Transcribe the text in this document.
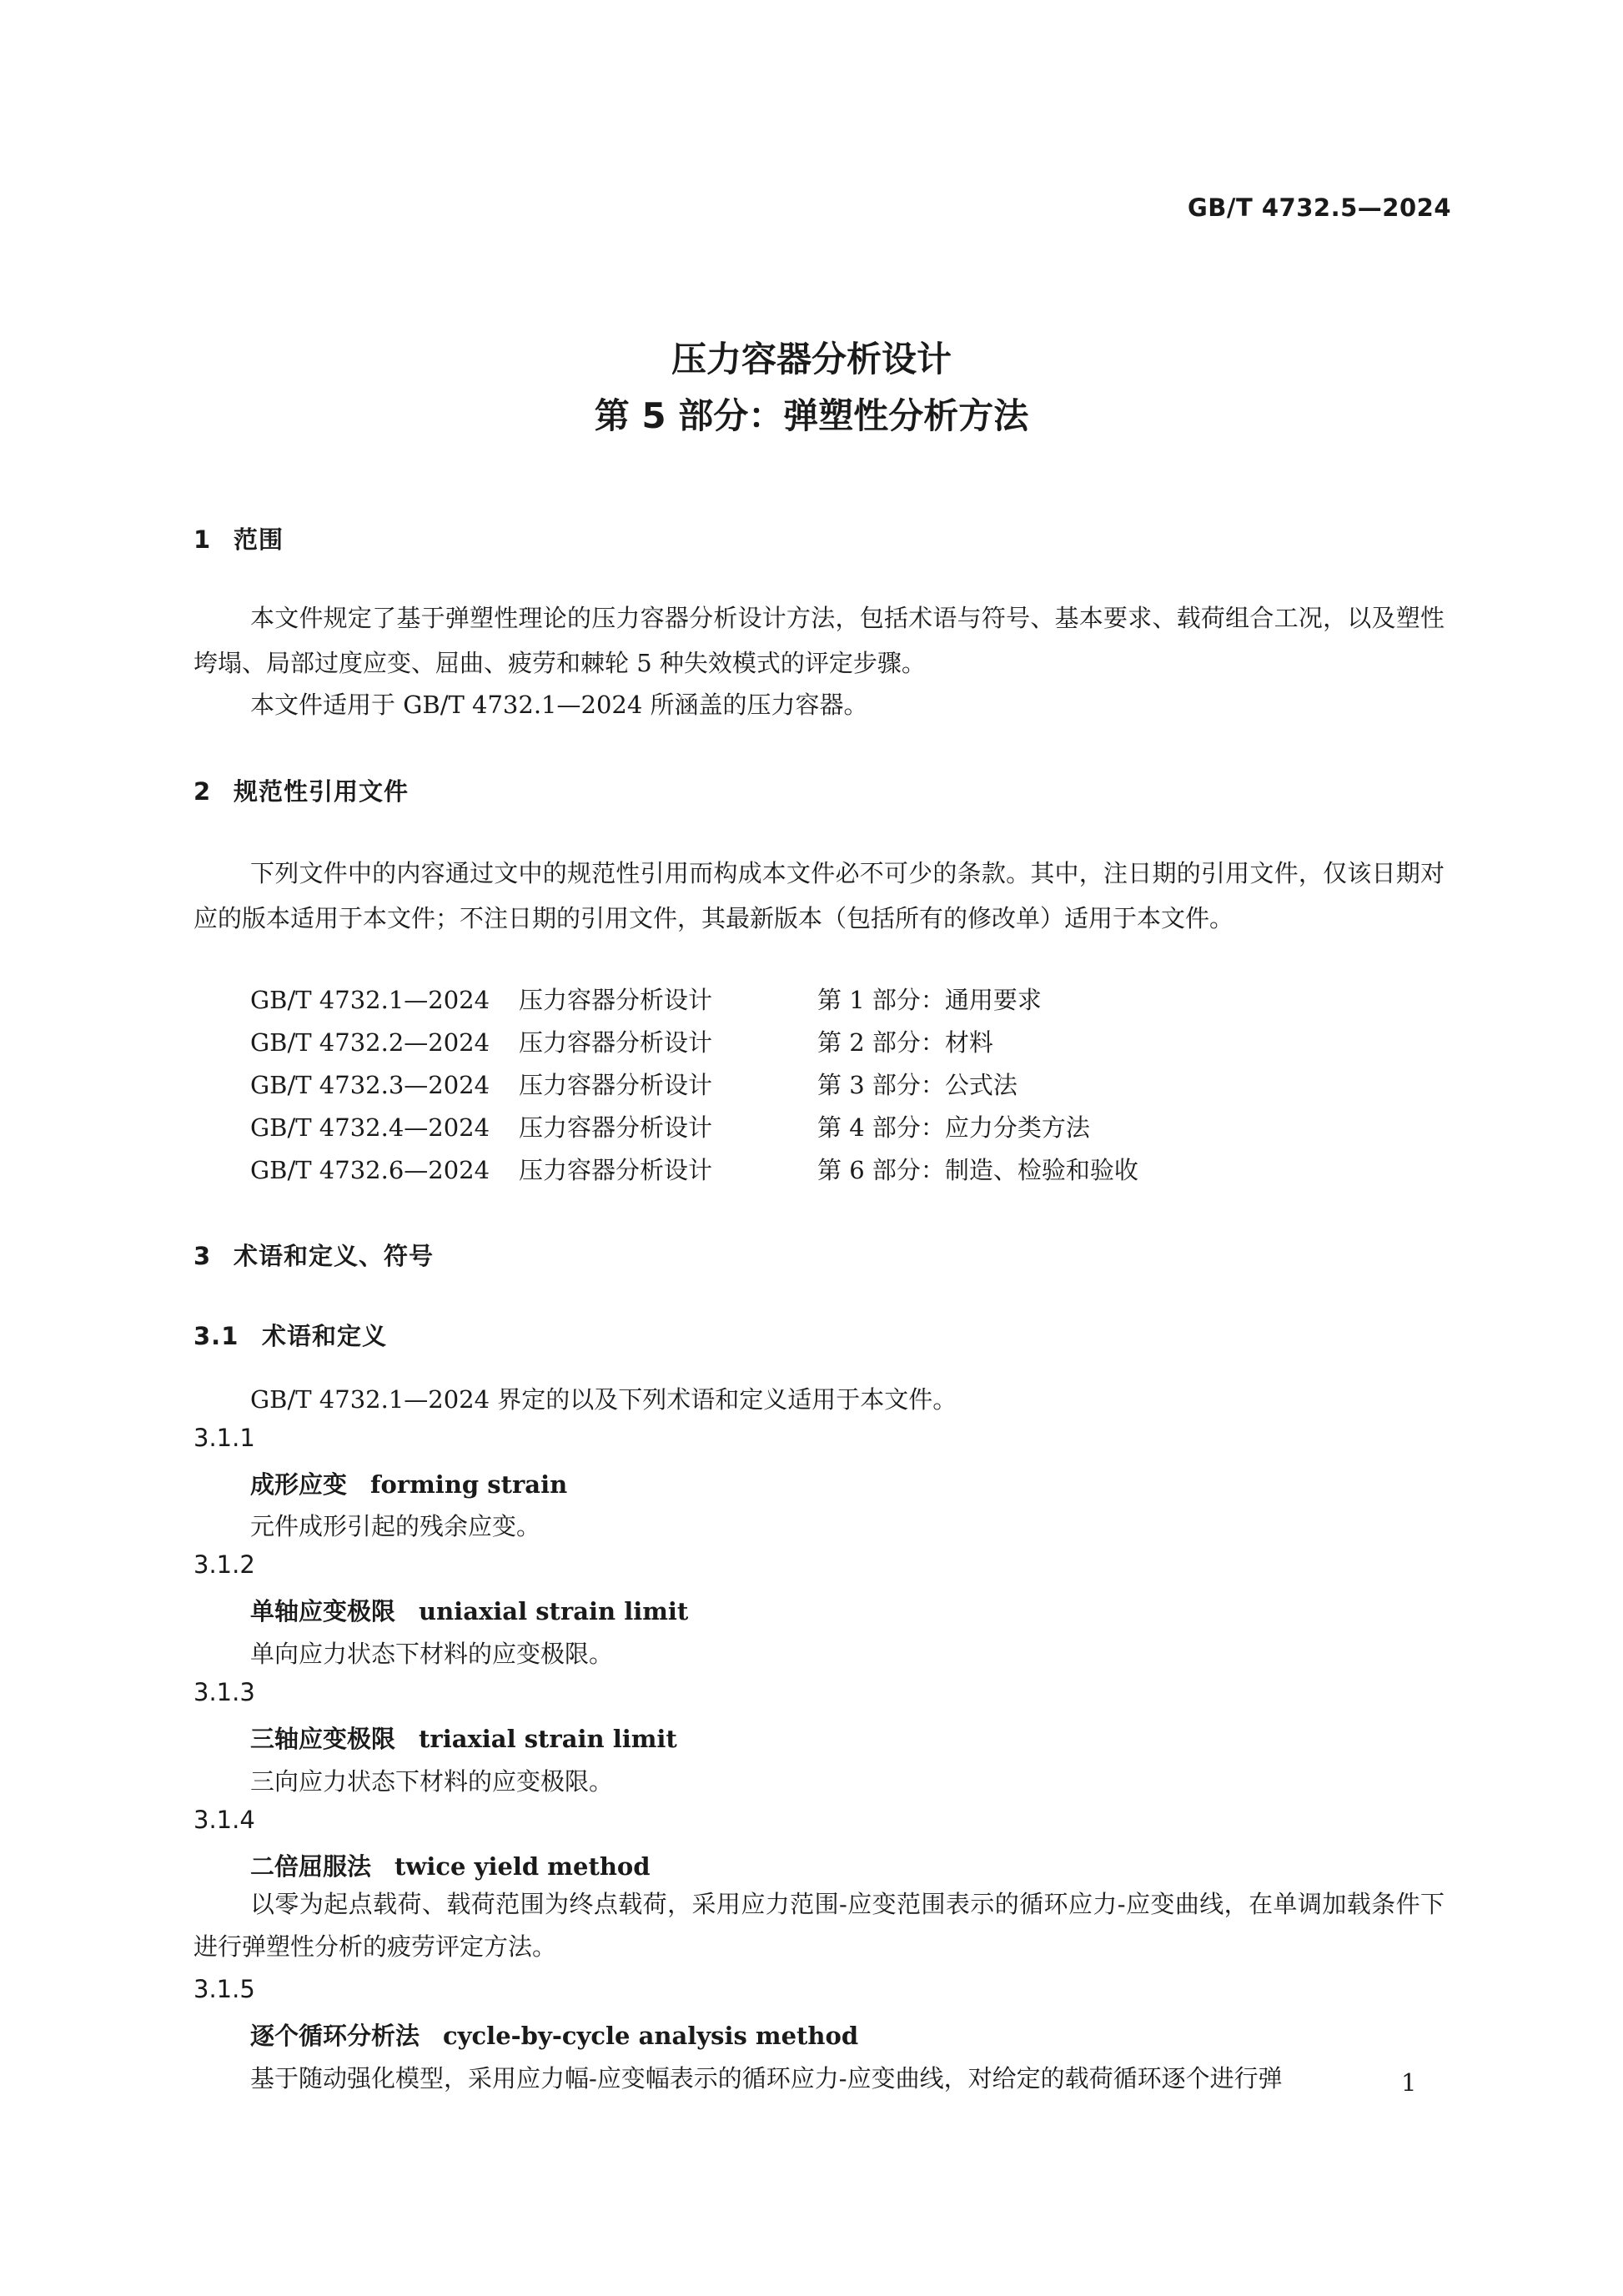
GB/T 4732.5—2024
压力容器分析设计
第 5 部分：弹塑性分析方法
1 范围
本文件规定了基于弹塑性理论的压力容器分析设计方法，包括术语与符号、基本要求、载荷组合工况，以及塑性垮塌、局部过度应变、屈曲、疲劳和棘轮 5 种失效模式的评定步骤。
本文件适用于 GB/T 4732.1—2024 所涵盖的压力容器。
2 规范性引用文件
下列文件中的内容通过文中的规范性引用而构成本文件必不可少的条款。其中，注日期的引用文件，仅该日期对应的版本适用于本文件；不注日期的引用文件，其最新版本（包括所有的修改单）适用于本文件。
GB/T 4732.1—2024 压力容器分析设计	第 1 部分：通用要求
GB/T 4732.2—2024 压力容器分析设计	第 2 部分：材料
GB/T 4732.3—2024 压力容器分析设计	第 3 部分：公式法
GB/T 4732.4—2024 压力容器分析设计	第 4 部分：应力分类方法
GB/T 4732.6—2024 压力容器分析设计	第 6 部分：制造、检验和验收
3 术语和定义、符号
3.1 术语和定义
GB/T 4732.1—2024 界定的以及下列术语和定义适用于本文件。
3.1.1
成形应变 forming strain
元件成形引起的残余应变。
3.1.2
单轴应变极限 uniaxial strain limit
单向应力状态下材料的应变极限。
3.1.3
三轴应变极限 triaxial strain limit
三向应力状态下材料的应变极限。
3.1.4
二倍屈服法 twice yield method
以零为起点载荷、载荷范围为终点载荷，采用应力范围-应变范围表示的循环应力-应变曲线，在单调加载条件下进行弹塑性分析的疲劳评定方法。
3.1.5
逐个循环分析法 cycle-by-cycle analysis method
基于随动强化模型，采用应力幅-应变幅表示的循环应力-应变曲线，对给定的载荷循环逐个进行弹	1
